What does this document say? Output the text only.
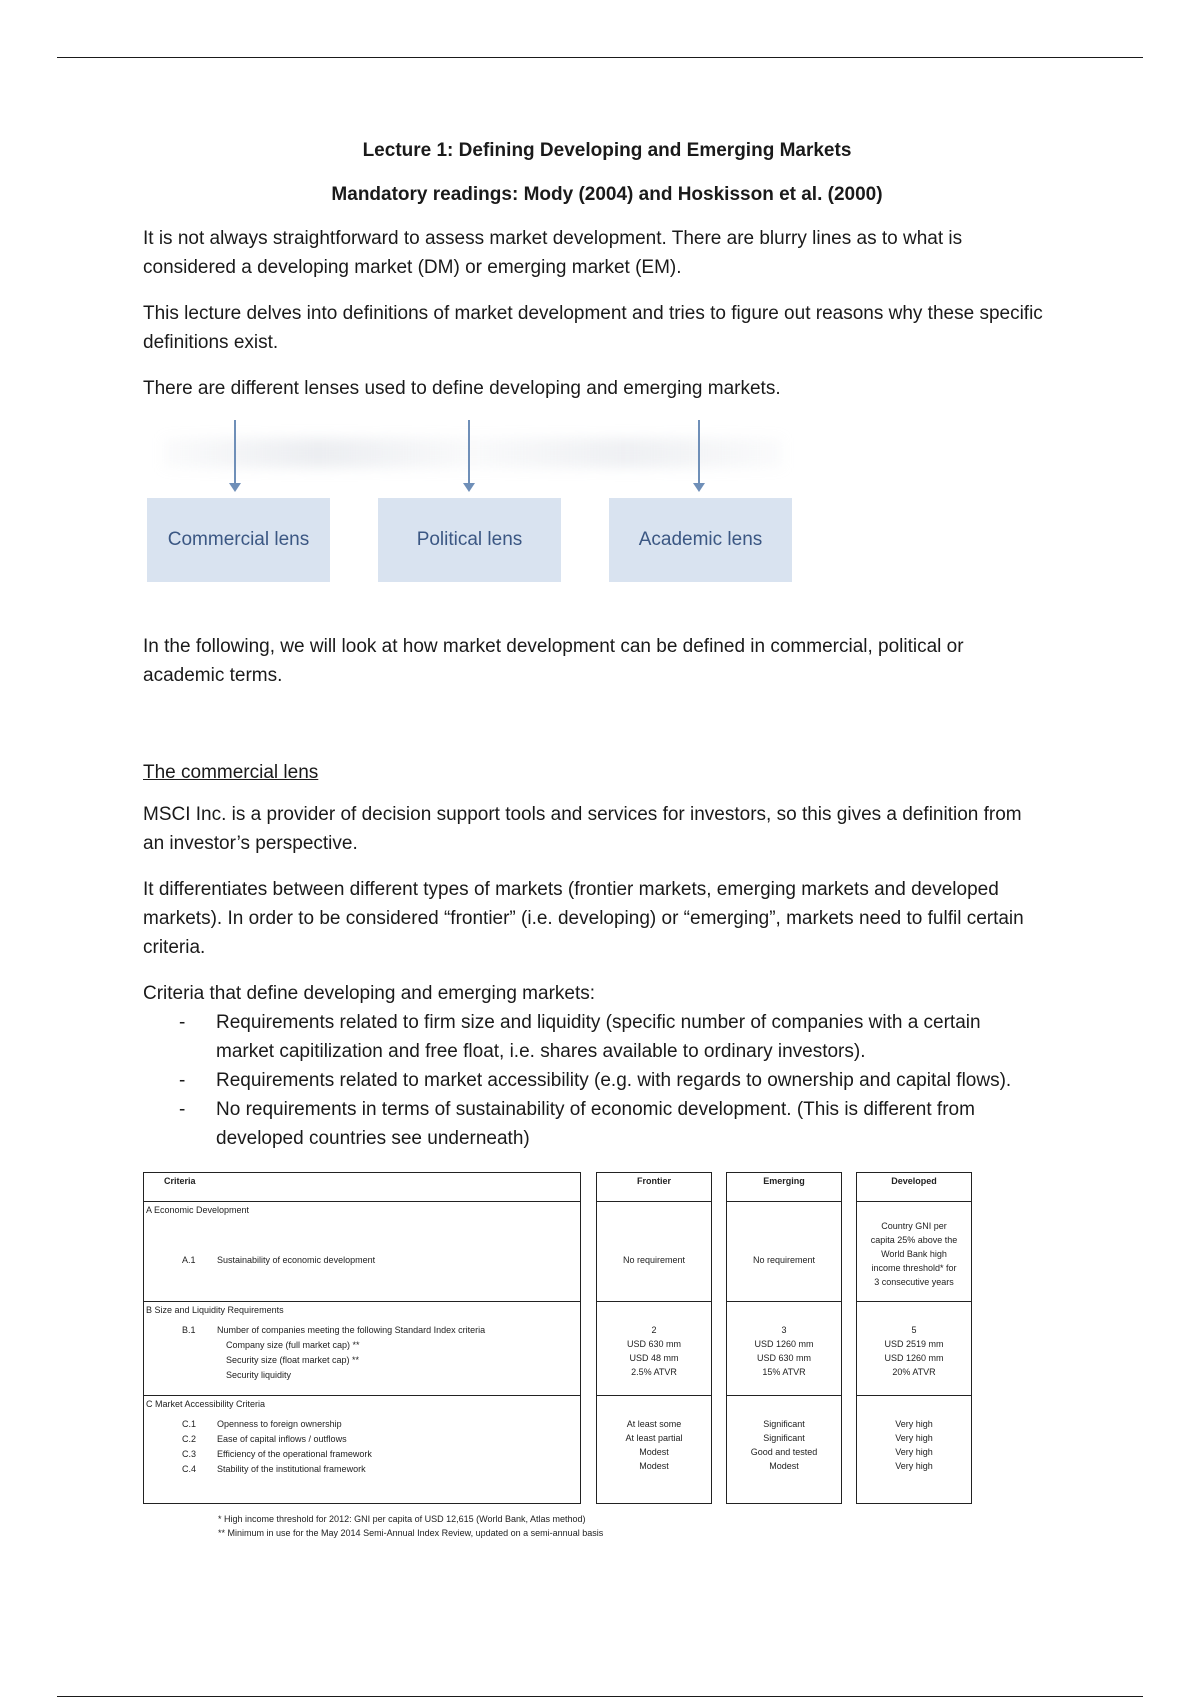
Lecture 1: Defining Developing and Emerging Markets
Mandatory readings: Mody (2004) and Hoskisson et al. (2000)

It is not always straightforward to assess market development. There are blurry lines as to what is considered a developing market (DM) or emerging market (EM).

This lecture delves into definitions of market development and tries to figure out reasons why these specific definitions exist.

There are different lenses used to define developing and emerging markets.

Commercial lens	Political lens	Academic lens

In the following, we will look at how market development can be defined in commercial, political or academic terms.

The commercial lens

MSCI Inc. is a provider of decision support tools and services for investors, so this gives a definition from an investor’s perspective.

It differentiates between different types of markets (frontier markets, emerging markets and developed markets). In order to be considered “frontier” (i.e. developing) or “emerging”, markets need to fulfil certain criteria.

Criteria that define developing and emerging markets:

- Requirements related to firm size and liquidity (specific number of companies with a certain market capitilization and free float, i.e. shares available to ordinary investors).
- Requirements related to market accessibility (e.g. with regards to ownership and capital flows).
- No requirements in terms of sustainability of economic development. (This is different from developed countries see underneath)
Criteria
A Economic Development
A.1 Sustainability of economic development
B Size and Liquidity Requirements
B.1 Number of companies meeting the following Standard Index criteria
Company size (full market cap) **
Security size (float market cap) **
Security liquidity
C Market Accessibility Criteria
C.1 Openness to foreign ownership
C.2 Ease of capital inflows / outflows
C.3 Efficiency of the operational framework
C.4 Stability of the institutional framework
Frontier
No requirement
2
USD 630 mm
USD 48 mm
2.5% ATVR
At least some
At least partial
Modest
Modest
Emerging
No requirement
3
USD 1260 mm
USD 630 mm
15% ATVR
Significant
Significant
Good and tested
Modest
Developed
Country GNI per
capita 25% above the
World Bank high
income threshold* for
3 consecutive years
5
USD 2519 mm
USD 1260 mm
20% ATVR
Very high
Very high
Very high
Very high
* High income threshold for 2012: GNI per capita of USD 12,615 (World Bank, Atlas method)
** Minimum in use for the May 2014 Semi-Annual Index Review, updated on a semi-annual basis
